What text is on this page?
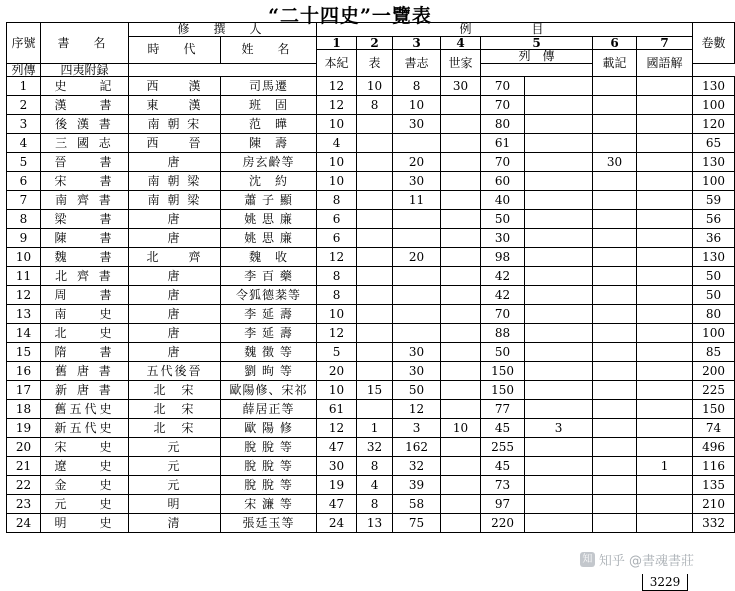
“二十四史”一覽表
序號	書　名	修　撰　人		例　　　目								卷數
		時　代	姓　名	1	2	3	4	5		6	7	
				本紀	表	書志	世家	列　傳		載記	國語解	
列傳	四夷附録											
1	史　　記	西　　漢	司馬遷	12	10	8	30	70				130
2	漢　　書	東　　漢	班　固	12	8	10		70				100
3	後 漢 書	南 朝 宋	范　曄	10		30		80				120
4	三 國 志	西　　晉	陳　壽	4				61				65
5	晉　　書	唐	房玄齡等	10		20		70		30		130
6	宋　　書	南 朝 梁	沈　約	10		30		60				100
7	南 齊 書	南 朝 梁	蕭 子 顯	8		11		40				59
8	梁　　書	唐	姚 思 廉	6				50				56
9	陳　　書	唐	姚 思 廉	6				30				36
10	魏　　書	北　　齊	魏　收	12		20		98				130
11	北 齊 書	唐	李 百 藥	8				42				50
12	周　　書	唐	令狐德棻等	8				42				50
13	南　　史	唐	李 延 壽	10				70				80
14	北　　史	唐	李 延 壽	12				88				100
15	隋　　書	唐	魏 徴 等	5		30		50				85
16	舊 唐 書	五代後晉	劉 昫 等	20		30		150				200
17	新 唐 書	北　宋	歐陽修、宋祁	10	15	50		150				225
18	舊五代史	北　宋	薛居正等	61		12		77				150
19	新五代史	北　宋	歐 陽 修	12	1	3	10	45	3			74
20	宋　　史	元	脫 脫 等	47	32	162		255				496
21	遼　　史	元	脫 脫 等	30	8	32		45			1	116
22	金　　史	元	脫 脫 等	19	4	39		73				135
23	元　　史	明	宋 濂 等	47	8	58		97				210
24	明　　史	清	張廷玉等	24	13	75		220				332
3229
知 知乎 @書魂書莊
